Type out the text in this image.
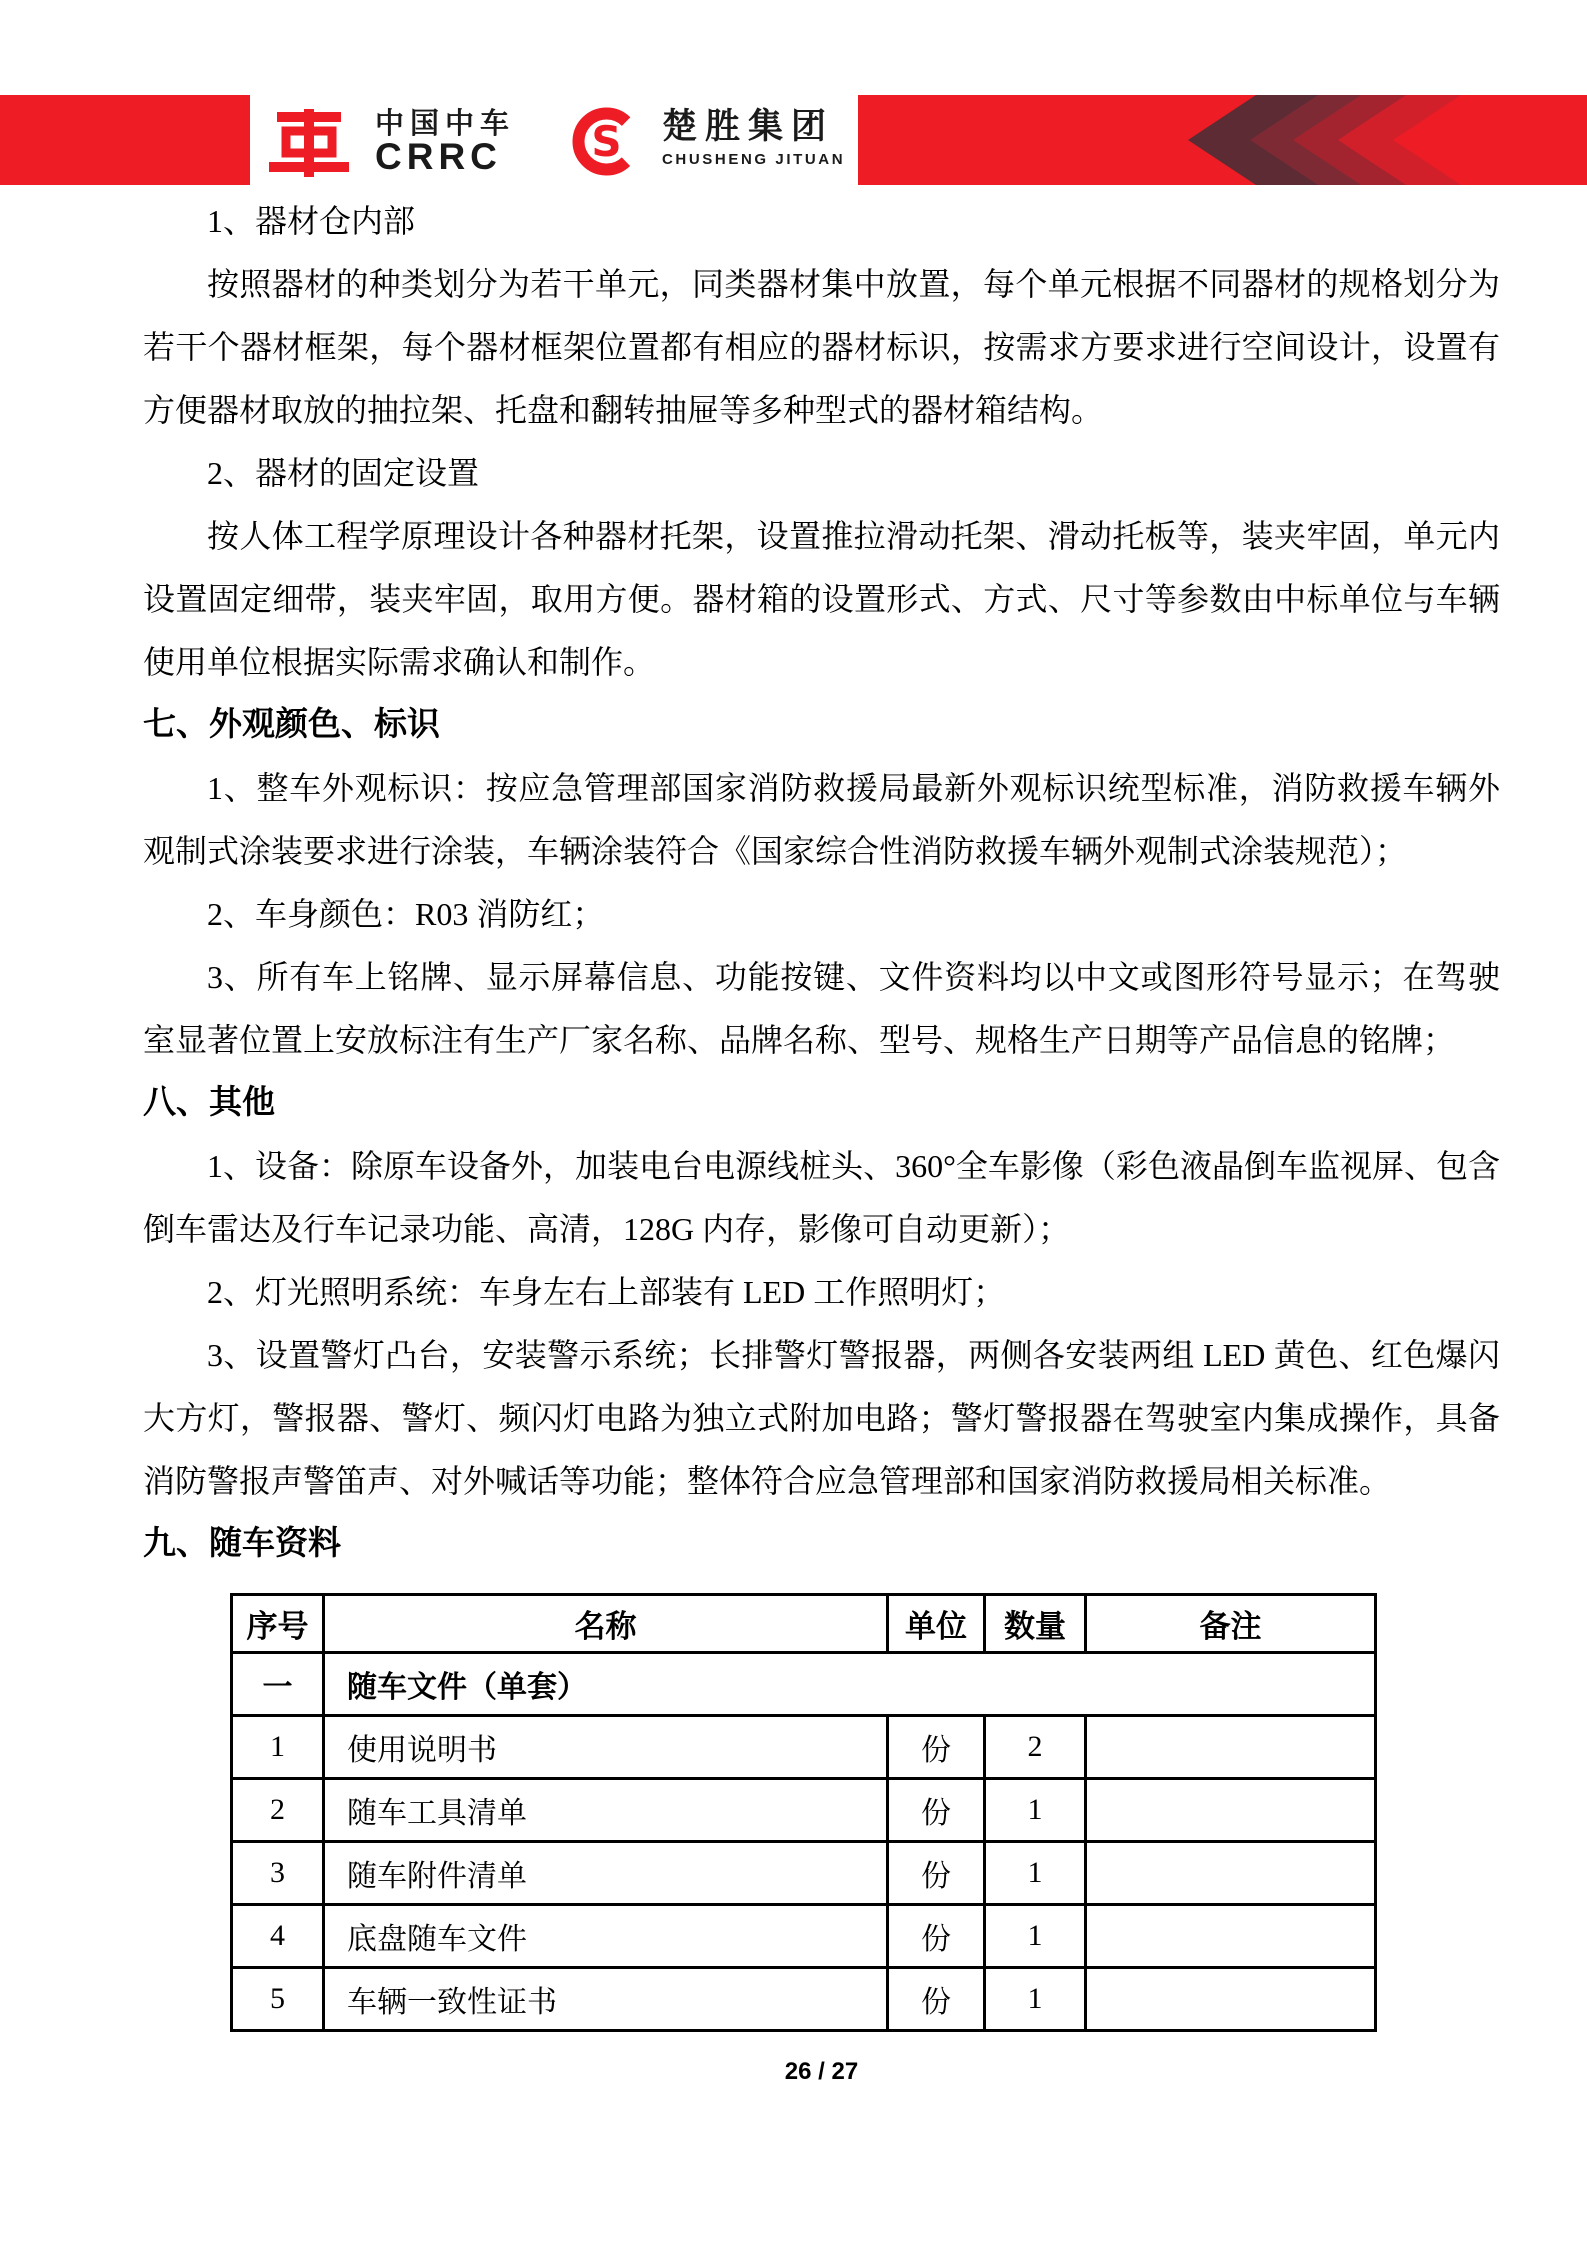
中国中车
CRRC	S 楚胜集团
CHUSHENG JITUAN

1、器材仓内部

按照器材的种类划分为若干单元，同类器材集中放置，每个单元根据不同器材的规格划分为若干个器材框架，每个器材框架位置都有相应的器材标识，按需求方要求进行空间设计，设置有方便器材取放的抽拉架、托盘和翻转抽屉等多种型式的器材箱结构。

2、器材的固定设置

按人体工程学原理设计各种器材托架，设置推拉滑动托架、滑动托板等，装夹牢固，单元内设置固定细带，装夹牢固，取用方便。器材箱的设置形式、方式、尺寸等参数由中标单位与车辆使用单位根据实际需求确认和制作。

七、外观颜色、标识

1、整车外观标识：按应急管理部国家消防救援局最新外观标识统型标准，消防救援车辆外观制式涂装要求进行涂装，车辆涂装符合《国家综合性消防救援车辆外观制式涂装规范）；

2、车身颜色：R03 消防红；

3、所有车上铭牌、显示屏幕信息、功能按键、文件资料均以中文或图形符号显示；在驾驶室显著位置上安放标注有生产厂家名称、品牌名称、型号、规格生产日期等产品信息的铭牌；

八、其他

1、设备：除原车设备外，加装电台电源线桩头、360°全车影像（彩色液晶倒车监视屏、包含倒车雷达及行车记录功能、高清，128G 内存，影像可自动更新）；

2、灯光照明系统：车身左右上部装有 LED 工作照明灯；

3、设置警灯凸台，安装警示系统；长排警灯警报器，两侧各安装两组 LED 黄色、红色爆闪大方灯，警报器、警灯、频闪灯电路为独立式附加电路；警灯警报器在驾驶室内集成操作，具备消防警报声警笛声、对外喊话等功能；整体符合应急管理部和国家消防救援局相关标准。

九、随车资料

序号	名称	单位	数量	备注
一	随车文件（单套）			
1	使用说明书	份	2	
2	随车工具清单	份	1	
3	随车附件清单	份	1	
4	底盘随车文件	份	1	
5	车辆一致性证书	份	1	
26 / 27
